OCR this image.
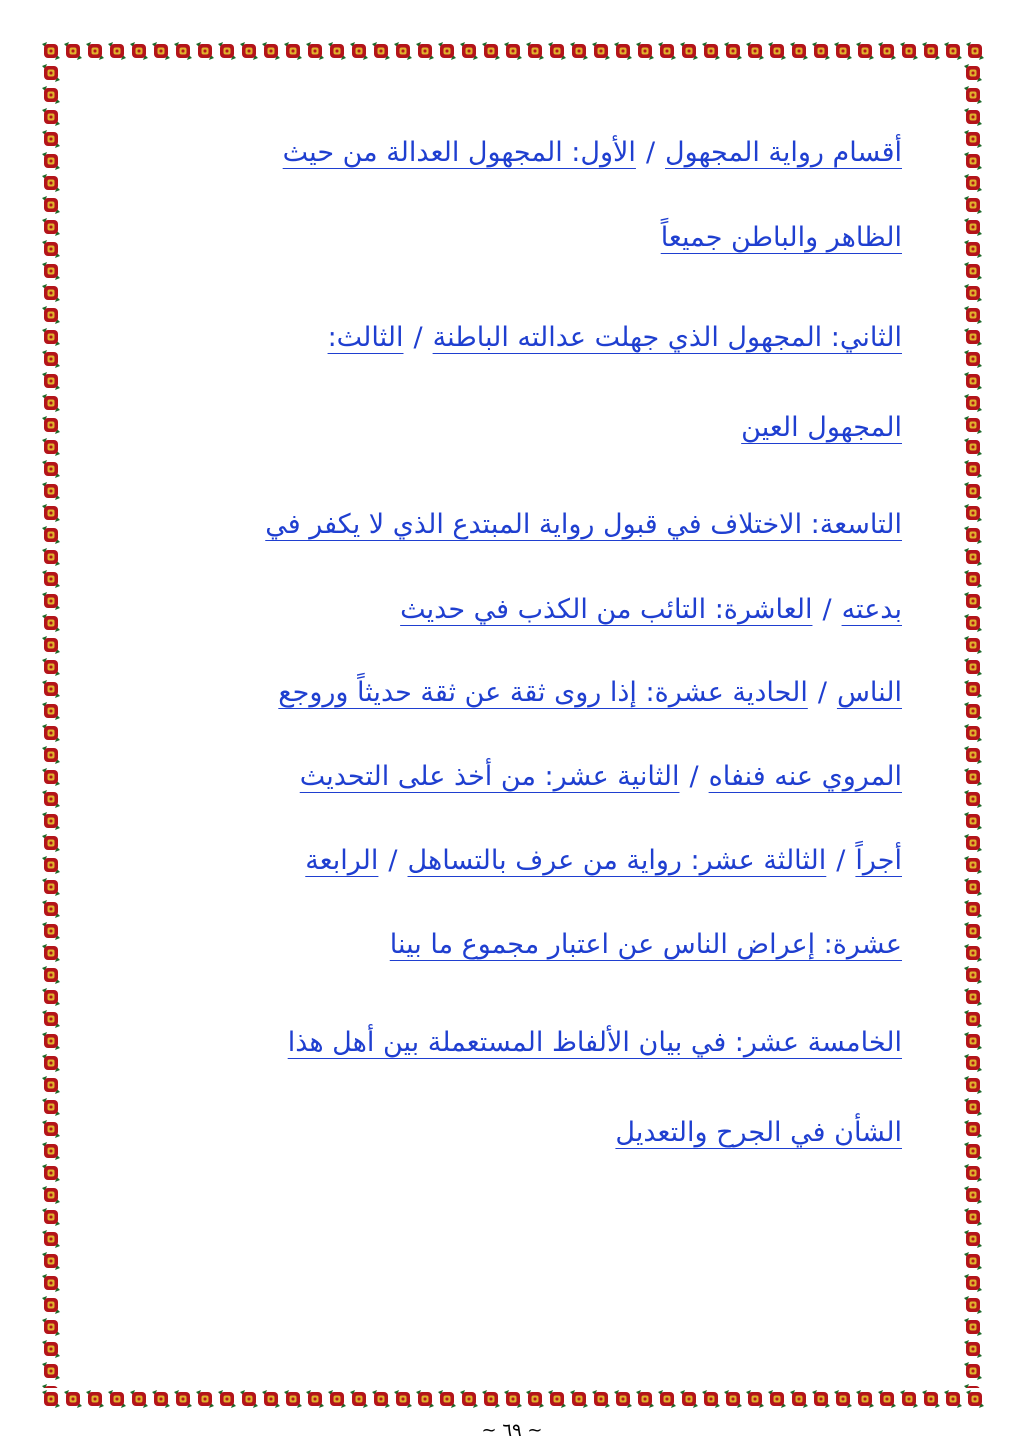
أقسام رواية المجهول/الأول: المجهول العدالة من حيث
الظاهر والباطن جميعاً
الثاني: المجهول الذي جهلت عدالته الباطنة/الثالث:
المجهول العين
التاسعة: الاختلاف في قبول رواية المبتدع الذي لا يكفر في
بدعته/العاشرة: التائب من الكذب في حديث
الناس/الحادية عشرة: إذا روى ثقة عن ثقة حديثاً وروجع
المروي عنه فنفاه/الثانية عشر: من أخذ على التحديث
أجراً/الثالثة عشر: رواية من عرف بالتساهل/الرابعة
عشرة: إعراض الناس عن اعتبار مجموع ما بينا
الخامسة عشر: في بيان الألفاظ المستعملة بين أهل هذا
الشأن في الجرح والتعديل
~ ٦٩ ~
